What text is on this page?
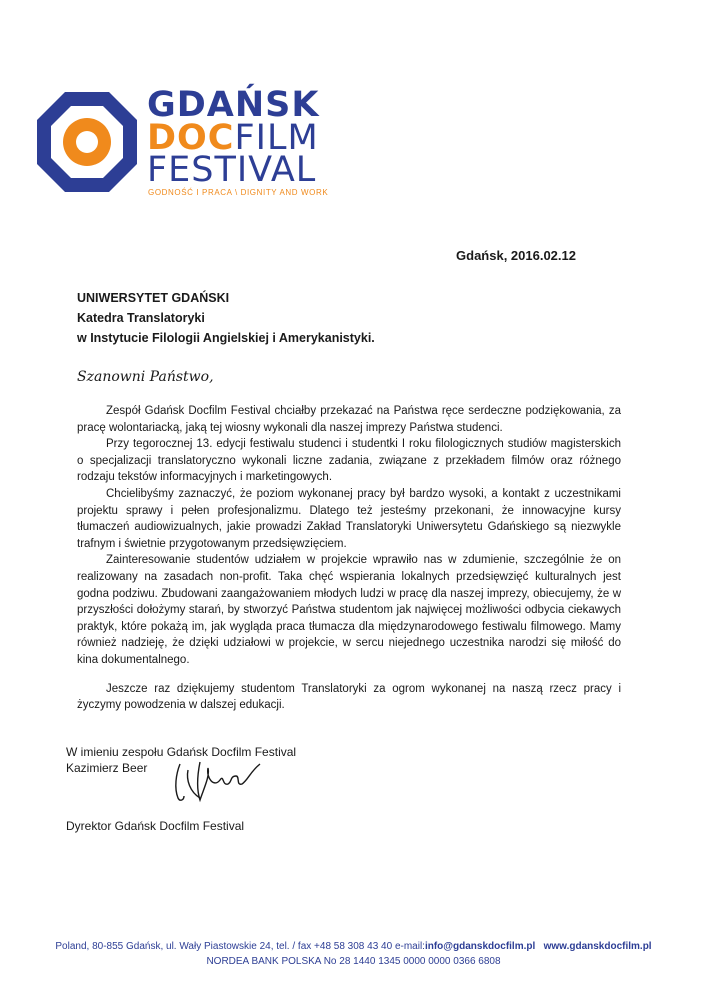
GDAŃSK
DOCFILM
FESTIVAL
GODNOŚĆ I PRACA \ DIGNITY AND WORK
Gdańsk, 2016.02.12
UNIWERSYTET GDAŃSKI
Katedra Translatoryki
w Instytucie Filologii Angielskiej i Amerykanistyki.
Szanowni Państwo,

Zespół Gdańsk Docfilm Festival chciałby przekazać na Państwa ręce serdeczne podziękowania, za pracę wolontariacką, jaką tej wiosny wykonali dla naszej imprezy Państwa studenci.

Przy tegorocznej 13. edycji festiwalu studenci i studentki I roku filologicznych studiów magisterskich o specjalizacji translatoryczno wykonali liczne zadania, związane z przekładem filmów oraz różnego rodzaju tekstów informacyjnych i marketingowych.

Chcielibyśmy zaznaczyć, że poziom wykonanej pracy był bardzo wysoki, a kontakt z uczestnikami projektu sprawy i pełen profesjonalizmu. Dlatego też jesteśmy przekonani, że innowacyjne kursy tłumaczeń audiowizualnych, jakie prowadzi Zakład Translatoryki Uniwersytetu Gdańskiego są niezwykle trafnym i świetnie przygotowanym przedsięwzięciem.

Zainteresowanie studentów udziałem w projekcie wprawiło nas w zdumienie, szczególnie że on realizowany na zasadach non-profit. Taka chęć wspierania lokalnych przedsięwzięć kulturalnych jest godna podziwu. Zbudowani zaangażowaniem młodych ludzi w pracę dla naszej imprezy, obiecujemy, że w przyszłości dołożymy starań, by stworzyć Państwa studentom jak najwięcej możliwości odbycia ciekawych praktyk, które pokażą im, jak wygląda praca tłumacza dla międzynarodowego festiwalu filmowego. Mamy również nadzieję, że dzięki udziałowi w projekcie, w sercu niejednego uczestnika narodzi się miłość do kina dokumentalnego.

Jeszcze raz dziękujemy studentom Translatoryki za ogrom wykonanej na naszą rzecz pracy i życzymy powodzenia w dalszej edukacji.

W imieniu zespołu Gdańsk Docfilm Festival
Kazimierz Beer
Dyrektor Gdańsk Docfilm Festival
Poland, 80-855 Gdańsk, ul. Wały Piastowskie 24, tel. / fax +48 58 308 43 40 e-mail:info@gdanskdocfilm.pl www.gdanskdocfilm.pl
NORDEA BANK POLSKA No 28 1440 1345 0000 0000 0366 6808
